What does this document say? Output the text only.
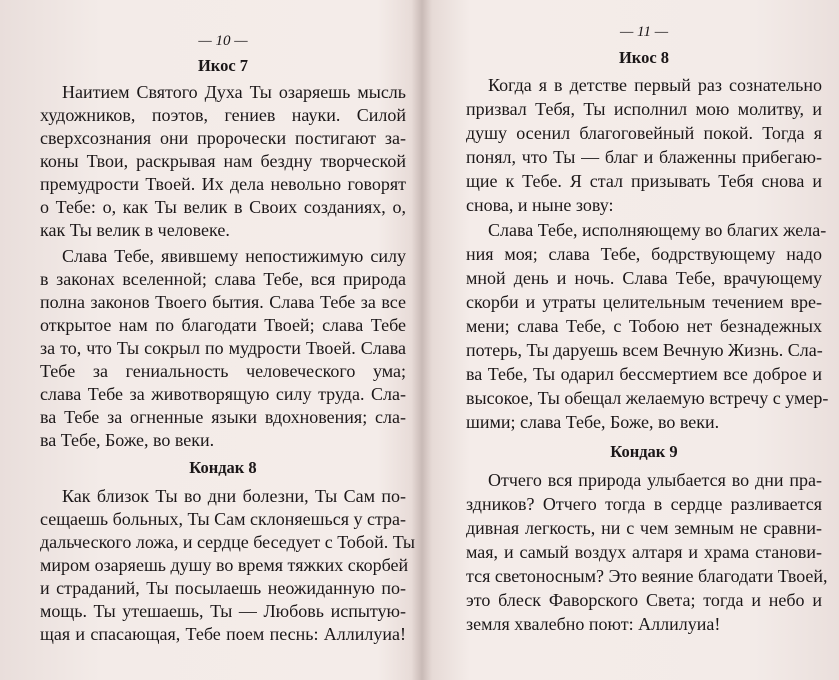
— 10 —
Икос 7
Наитием Святого Духа Ты озаряешь мысль
художников, поэтов, гениев науки. Силой
сверхсознания они пророчески постигают за-
коны Твои, раскрывая нам бездну творческой
премудрости Твоей. Их дела невольно говорят
о Тебе: о, как Ты велик в Своих созданиях, о,
как Ты велик в человеке.
Слава Тебе, явившему непостижимую силу
в законах вселенной; слава Тебе, вся природа
полна законов Твоего бытия. Слава Тебе за все
открытое нам по благодати Твоей; слава Тебе
за то, что Ты сокрыл по мудрости Твоей. Слава
Тебе за гениальность человеческого ума;
слава Тебе за животворящую силу труда. Сла-
ва Тебе за огненные языки вдохновения; сла-
ва Тебе, Боже, во веки.
Кондак 8
Как близок Ты во дни болезни, Ты Сам по-
сещаешь больных, Ты Сам склоняешься у стра-
дальческого ложа, и сердце беседует с Тобой. Ты
миром озаряешь душу во время тяжких скорбей
и страданий, Ты посылаешь неожиданную по-
мощь. Ты утешаешь, Ты — Любовь испытую-
щая и спасающая, Тебе поем песнь: Аллилуиа!
— 11 —
Икос 8
Когда я в детстве первый раз сознательно
призвал Тебя, Ты исполнил мою молитву, и
душу осенил благоговейный покой. Тогда я
понял, что Ты — благ и блаженны прибегаю-
щие к Тебе. Я стал призывать Тебя снова и
снова, и ныне зову:
Слава Тебе, исполняющему во благих жела-
ния моя; слава Тебе, бодрствующему надо
мной день и ночь. Слава Тебе, врачующему
скорби и утраты целительным течением вре-
мени; слава Тебе, с Тобою нет безнадежных
потерь, Ты даруешь всем Вечную Жизнь. Сла-
ва Тебе, Ты одарил бессмертием все доброе и
высокое, Ты обещал желаемую встречу с умер-
шими; слава Тебе, Боже, во веки.
Кондак 9
Отчего вся природа улыбается во дни пра-
здников? Отчего тогда в сердце разливается
дивная легкость, ни с чем земным не сравни-
мая, и самый воздух алтаря и храма станови-
тся светоносным? Это веяние благодати Твоей,
это блеск Фаворского Света; тогда и небо и
земля хвалебно поют: Аллилуиа!
